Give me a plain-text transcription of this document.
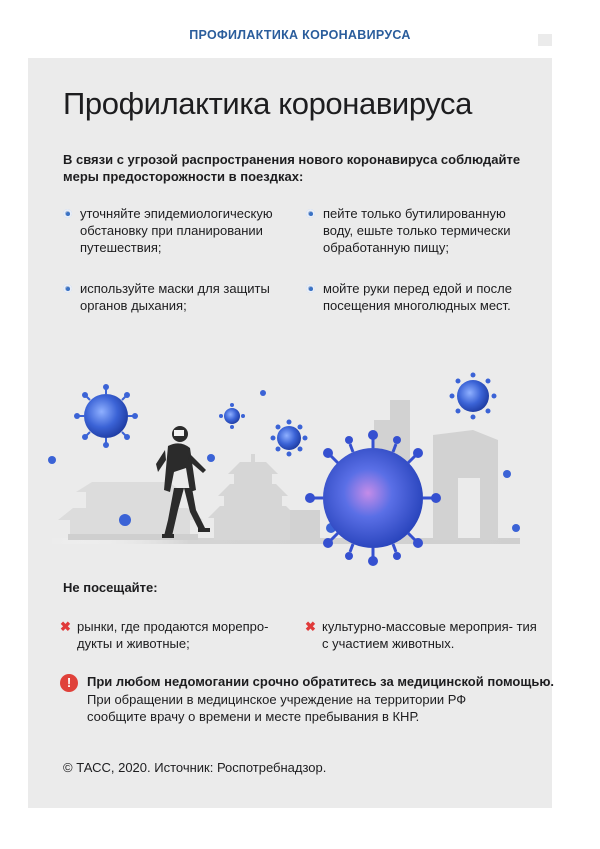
ПРОФИЛАКТИКА КОРОНАВИРУСА
Профилактика коронавируса
В связи с угрозой распространения нового коронавируса соблюдайте меры предосторожности в поездках:
уточняйте эпидемиологическую обстановку при планировании путешествия;
пейте только бутилированную воду, ешьте только термически обработанную пищу;
используйте маски для защиты органов дыхания;
мойте руки перед едой и после посещения многолюдных мест.
Не посещайте:
✖ рынки, где продаются морепро- дукты и животные;
✖ культурно-массовые мероприя- тия с участием животных.
!	При любом недомогании срочно обратитесь за медицинской помощью.
При обращении в медицинское учреждение на территории РФ сообщите врачу о времени и месте пребывания в КНР.
© ТАСС, 2020. Источник: Роспотребнадзор.
